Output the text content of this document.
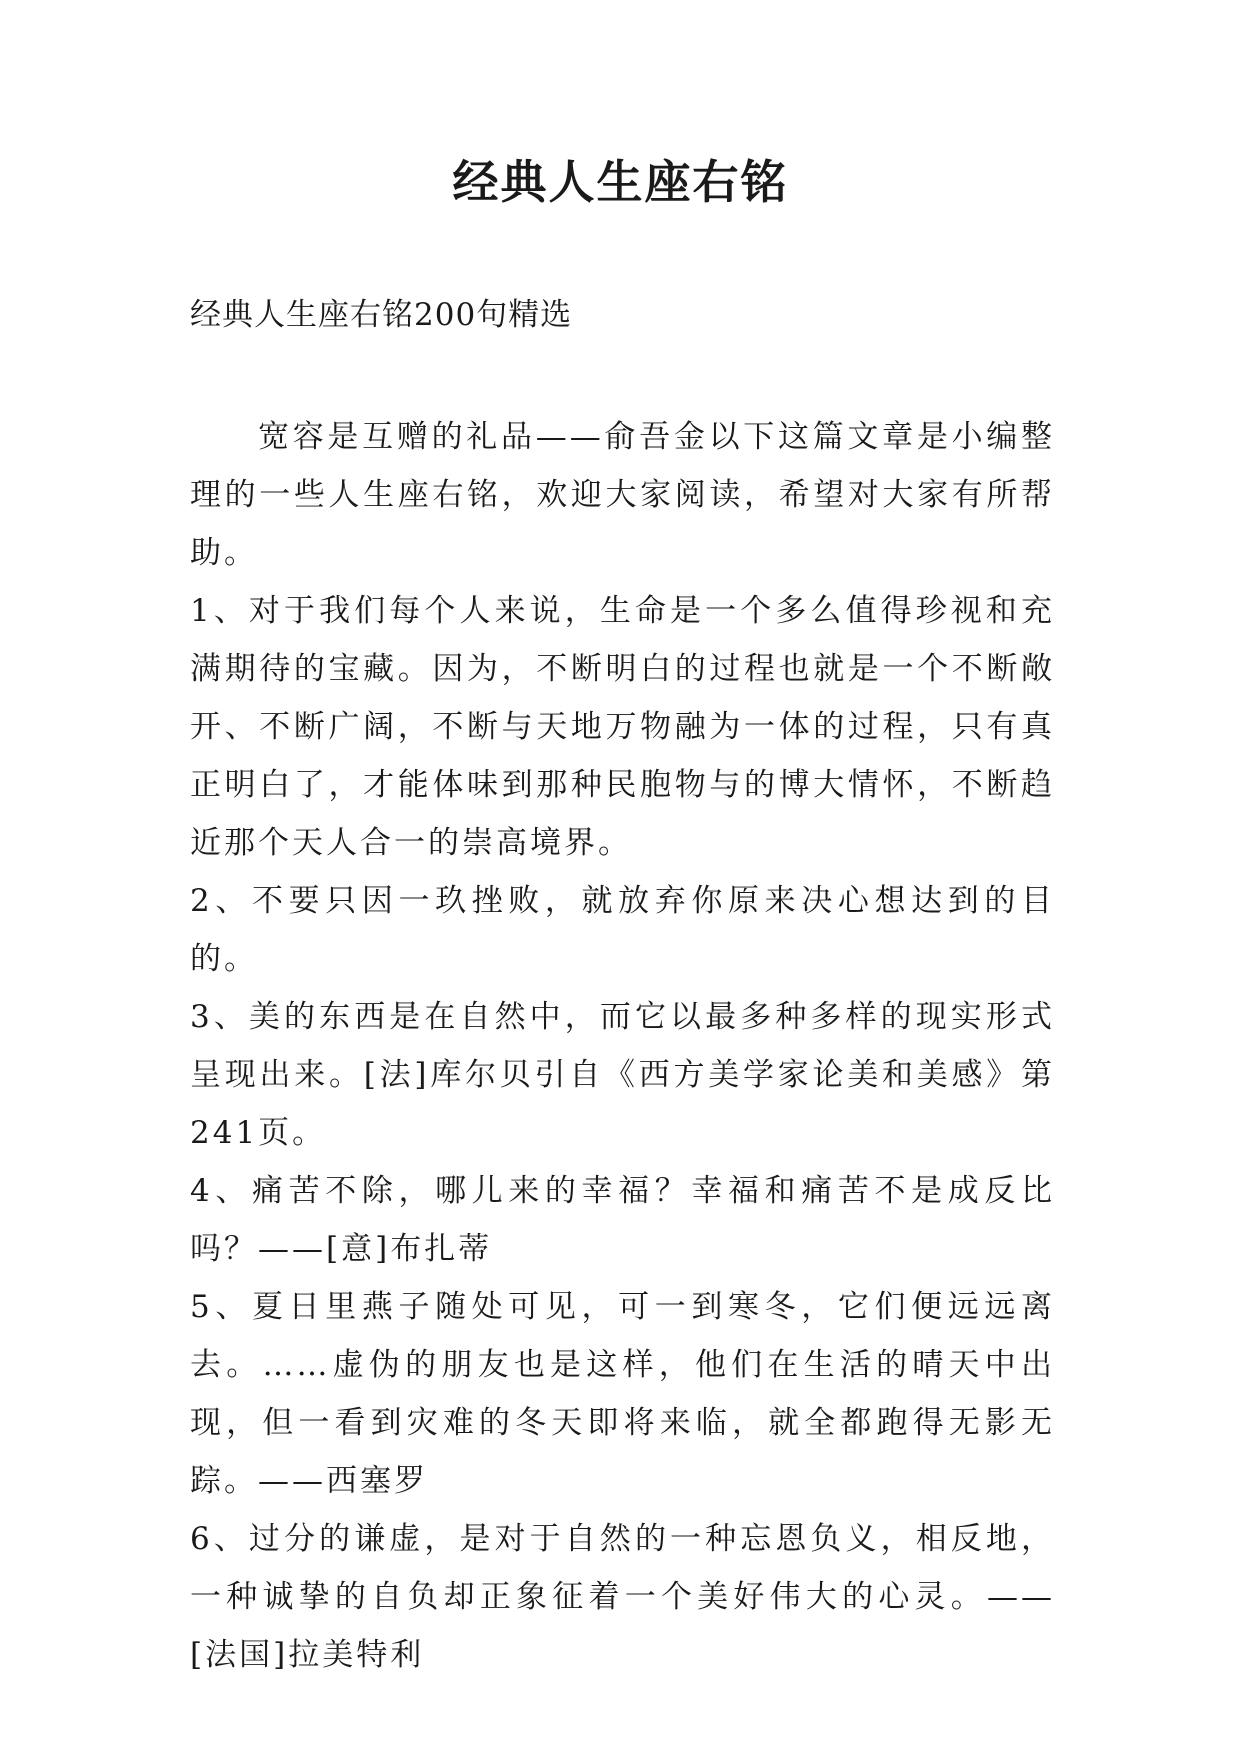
经典人生座右铭

经典人生座右铭200句精选

宽容是互赠的礼品——俞吾金以下这篇文章是小编整理的一些人生座右铭，欢迎大家阅读，希望对大家有所帮助。

1、对于我们每个人来说，生命是一个多么值得珍视和充满期待的宝藏。因为，不断明白的过程也就是一个不断敞开、不断广阔，不断与天地万物融为一体的过程，只有真正明白了，才能体味到那种民胞物与的博大情怀，不断趋近那个天人合一的崇高境界。

2、不要只因一玖挫败，就放弃你原来决心想达到的目的。

3、美的东西是在自然中，而它以最多种多样的现实形式呈现出来。[法]库尔贝引自《西方美学家论美和美感》第241页。

4、痛苦不除，哪儿来的幸福？幸福和痛苦不是成反比吗？——[意]布扎蒂

5、夏日里燕子随处可见，可一到寒冬，它们便远远离去。……虚伪的朋友也是这样，他们在生活的晴天中出现，但一看到灾难的冬天即将来临，就全都跑得无影无踪。——西塞罗

6、过分的谦虚，是对于自然的一种忘恩负义，相反地，一种诚挚的自负却正象征着一个美好伟大的心灵。——[法国]拉美特利
